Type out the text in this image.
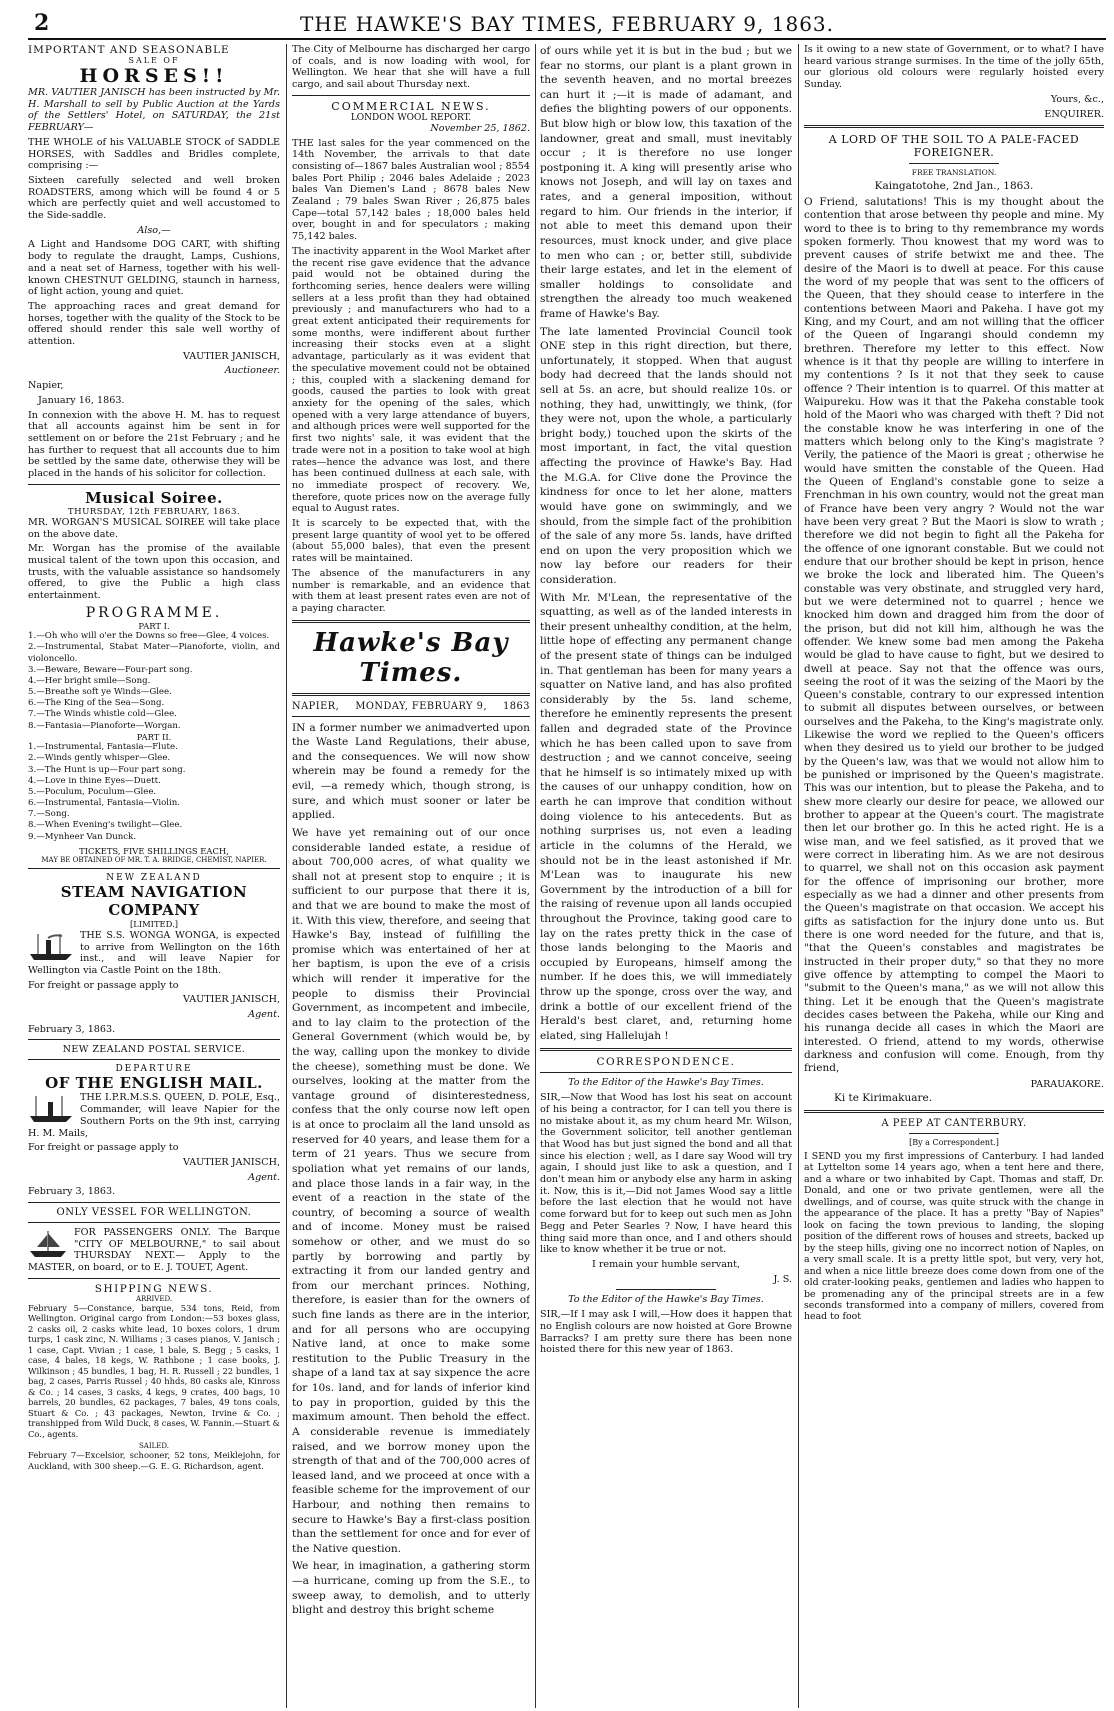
2	THE HAWKE'S BAY TIMES, FEBRUARY 9, 1863.
IMPORTANT AND SEASONABLE
SALE OF
HORSES!!

MR. VAUTIER JANISCH has been instructed by Mr. H. Marshall to sell by Public Auction at the Yards of the Settlers' Hotel, on SATURDAY, the 21st FEBRUARY—

THE WHOLE of his VALUABLE STOCK of SADDLE HORSES, with Saddles and Bridles complete, comprising :—

Sixteen carefully selected and well broken ROADSTERS, among which will be found 4 or 5 which are perfectly quiet and well accustomed to the Side-saddle.

Also,—

A Light and Handsome DOG CART, with shifting body to regulate the draught, Lamps, Cushions, and a neat set of Harness, together with his well-known CHESTNUT GELDING, staunch in harness, of light action, young and quiet.

The approaching races and great demand for horses, together with the quality of the Stock to be offered should render this sale well worthy of attention.

VAUTIER JANISCH,

Auctioneer.

Napier,

January 16, 1863.

In connexion with the above H. M. has to request that all accounts against him be sent in for settlement on or before the 21st February ; and he has further to request that all accounts due to him be settled by the same date, otherwise they will be placed in the hands of his solicitor for collection.

Musical Soiree.
THURSDAY, 12th FEBRUARY, 1863.

MR. WORGAN'S MUSICAL SOIREE will take place on the above date.

Mr. Worgan has the promise of the available musical talent of the town upon this occasion, and trusts, with the valuable assistance so handsomely offered, to give the Public a high class entertainment.

PROGRAMME.
PART I.

1.—Oh who will o'er the Downs so free—Glee, 4 voices.

2.—Instrumental, Stabat Mater—Pianoforte, violin, and violoncello.

3.—Beware, Beware—Four-part song.

4.—Her bright smile—Song.

5.—Breathe soft ye Winds—Glee.

6.—The King of the Sea—Song.

7.—The Winds whistle cold—Glee.

8.—Fantasia—Pianoforte—Worgan.

PART II.

1.—Instrumental, Fantasia—Flute.

2.—Winds gently whisper—Glee.

3.—The Hunt is up—Four part song.

4.—Love in thine Eyes—Duett.

5.—Poculum, Poculum—Glee.

6.—Instrumental, Fantasia—Violin.

7.—Song.

8.—When Evening's twilight—Glee.

9.—Mynheer Van Dunck.

TICKETS, FIVE SHILLINGS EACH,
MAY BE OBTAINED OF MR. T. A. BRIDGE, CHEMIST, NAPIER.
NEW ZEALAND
STEAM NAVIGATION COMPANY
[LIMITED.]

THE S.S. WONGA WONGA, is expected to arrive from Wellington on the 16th inst., and will leave Napier for Wellington via Castle Point on the 18th.

For freight or passage apply to

VAUTIER JANISCH,

Agent.

February 3, 1863.

NEW ZEALAND POSTAL SERVICE.
DEPARTURE
OF THE ENGLISH MAIL.

THE I.P.R.M.S.S. QUEEN, D. POLE, Esq., Commander, will leave Napier for the Southern Ports on the 9th inst, carrying H. M. Mails,

For freight or passage apply to

VAUTIER JANISCH,

Agent.

February 3, 1863.

ONLY VESSEL FOR WELLINGTON.

FOR PASSENGERS ONLY. The Barque "CITY OF MELBOURNE," to sail about THURSDAY NEXT.— Apply to the MASTER, on board, or to E. J. TOUET, Agent.

SHIPPING NEWS.
ARRIVED.

February 5—Constance, barque, 534 tons, Reid, from Wellington. Original cargo from London:—53 boxes glass, 2 casks oil, 2 casks white lead, 10 boxes colors, 1 drum turps, 1 cask zinc, N. Williams ; 3 cases pianos, V. Janisch ; 1 case, Capt. Vivian ; 1 case, 1 bale, S. Begg ; 5 casks, 1 case, 4 bales, 18 kegs, W. Rathbone ; 1 case books, J. Wilkinson ; 45 bundles, 1 bag, H. R. Russell ; 22 bundles, 1 bag, 2 cases, Parris Russel ; 40 hhds, 80 casks ale, Kinross & Co. ; 14 cases, 3 casks, 4 kegs, 9 crates, 400 bags, 10 barrels, 20 bundles, 62 packages, 7 bales, 49 tons coals, Stuart & Co. ; 43 packages, Newton, Irvine & Co. ; transhipped from Wild Duck, 8 cases, W. Fannin.—Stuart & Co., agents.

SAILED.

February 7—Excelsior, schooner, 52 tons, Meiklejohn, for Auckland, with 300 sheep.—G. E. G. Richardson, agent.

The City of Melbourne has discharged her cargo of coals, and is now loading with wool, for Wellington. We hear that she will have a full cargo, and sail about Thursday next.

COMMERCIAL NEWS.
LONDON WOOL REPORT.

November 25, 1862.

THE last sales for the year commenced on the 14th November, the arrivals to that date consisting of—1867 bales Australian wool ; 8554 bales Port Philip ; 2046 bales Adelaide ; 2023 bales Van Diemen's Land ; 8678 bales New Zealand ; 79 bales Swan River ; 26,875 bales Cape—total 57,142 bales ; 18,000 bales held over, bought in and for speculators ; making 75,142 bales.

The inactivity apparent in the Wool Market after the recent rise gave evidence that the advance paid would not be obtained during the forthcoming series, hence dealers were willing sellers at a less profit than they had obtained previously ; and manufacturers who had to a great extent anticipated their requirements for some months, were indifferent about further increasing their stocks even at a slight advantage, particularly as it was evident that the speculative movement could not be obtained ; this, coupled with a slackening demand for goods, caused the parties to look with great anxiety for the opening of the sales, which opened with a very large attendance of buyers, and although prices were well supported for the first two nights' sale, it was evident that the trade were not in a position to take wool at high rates—hence the advance was lost, and there has been continued dullness at each sale, with no immediate prospect of recovery. We, therefore, quote prices now on the average fully equal to August rates.

It is scarcely to be expected that, with the present large quantity of wool yet to be offered (about 55,000 bales), that even the present rates will be maintained.

The absence of the manufacturers in any number is remarkable, and an evidence that with them at least present rates even are not of a paying character.

Hawke's Bay Times.
NAPIER, MONDAY, FEBRUARY 9, 1863

IN a former number we animadverted upon the Waste Land Regulations, their abuse, and the consequences. We will now show wherein may be found a remedy for the evil, —a remedy which, though strong, is sure, and which must sooner or later be applied.

We have yet remaining out of our once considerable landed estate, a residue of about 700,000 acres, of what quality we shall not at present stop to enquire ; it is sufficient to our purpose that there it is, and that we are bound to make the most of it. With this view, therefore, and seeing that Hawke's Bay, instead of fulfilling the promise which was entertained of her at her baptism, is upon the eve of a crisis which will render it imperative for the people to dismiss their Provincial Government, as incompetent and imbecile, and to lay claim to the protection of the General Government (which would be, by the way, calling upon the monkey to divide the cheese), something must be done. We ourselves, looking at the matter from the vantage ground of disinterestedness, confess that the only course now left open is at once to proclaim all the land unsold as reserved for 40 years, and lease them for a term of 21 years. Thus we secure from spoliation what yet remains of our lands, and place those lands in a fair way, in the event of a reaction in the state of the country, of becoming a source of wealth and of income. Money must be raised somehow or other, and we must do so partly by borrowing and partly by extracting it from our landed gentry and from our merchant princes. Nothing, therefore, is easier than for the owners of such fine lands as there are in the interior, and for all persons who are occupying Native land, at once to make some restitution to the Public Treasury in the shape of a land tax at say sixpence the acre for 10s. land, and for lands of inferior kind to pay in proportion, guided by this the maximum amount. Then behold the effect. A considerable revenue is immediately raised, and we borrow money upon the strength of that and of the 700,000 acres of leased land, and we proceed at once with a feasible scheme for the improvement of our Harbour, and nothing then remains to secure to Hawke's Bay a first-class position than the settlement for once and for ever of the Native question.

We hear, in imagination, a gathering storm—a hurricane, coming up from the S.E., to sweep away, to demolish, and to utterly blight and destroy this bright scheme

of ours while yet it is but in the bud ; but we fear no storms, our plant is a plant grown in the seventh heaven, and no mortal breezes can hurt it ;—it is made of adamant, and defies the blighting powers of our opponents. But blow high or blow low, this taxation of the landowner, great and small, must inevitably occur ; it is therefore no use longer postponing it. A king will presently arise who knows not Joseph, and will lay on taxes and rates, and a general imposition, without regard to him. Our friends in the interior, if not able to meet this demand upon their resources, must knock under, and give place to men who can ; or, better still, subdivide their large estates, and let in the element of smaller holdings to consolidate and strengthen the already too much weakened frame of Hawke's Bay.

The late lamented Provincial Council took ONE step in this right direction, but there, unfortunately, it stopped. When that august body had decreed that the lands should not sell at 5s. an acre, but should realize 10s. or nothing, they had, unwittingly, we think, (for they were not, upon the whole, a particularly bright body,) touched upon the skirts of the most important, in fact, the vital question affecting the province of Hawke's Bay. Had the M.G.A. for Clive done the Province the kindness for once to let her alone, matters would have gone on swimmingly, and we should, from the simple fact of the prohibition of the sale of any more 5s. lands, have drifted end on upon the very proposition which we now lay before our readers for their consideration.

With Mr. M'Lean, the representative of the squatting, as well as of the landed interests in their present unhealthy condition, at the helm, little hope of effecting any permanent change of the present state of things can be indulged in. That gentleman has been for many years a squatter on Native land, and has also profited considerably by the 5s. land scheme, therefore he eminently represents the present fallen and degraded state of the Province which he has been called upon to save from destruction ; and we cannot conceive, seeing that he himself is so intimately mixed up with the causes of our unhappy condition, how on earth he can improve that condition without doing violence to his antecedents. But as nothing surprises us, not even a leading article in the columns of the Herald, we should not be in the least astonished if Mr. M'Lean was to inaugurate his new Government by the introduction of a bill for the raising of revenue upon all lands occupied throughout the Province, taking good care to lay on the rates pretty thick in the case of those lands belonging to the Maoris and occupied by Europeans, himself among the number. If he does this, we will immediately throw up the sponge, cross over the way, and drink a bottle of our excellent friend of the Herald's best claret, and, returning home elated, sing Hallelujah !

CORRESPONDENCE.

To the Editor of the Hawke's Bay Times.

SIR,—Now that Wood has lost his seat on account of his being a contractor, for I can tell you there is no mistake about it, as my chum heard Mr. Wilson, the Government solicitor, tell another gentleman that Wood has but just signed the bond and all that since his election ; well, as I dare say Wood will try again, I should just like to ask a question, and I don't mean him or anybody else any harm in asking it. Now, this is it,—Did not James Wood say a little before the last election that he would not have come forward but for to keep out such men as John Begg and Peter Searles ? Now, I have heard this thing said more than once, and I and others should like to know whether it be true or not.

I remain your humble servant,

J. S.

To the Editor of the Hawke's Bay Times.

SIR,—If I may ask I will,—How does it happen that no English colours are now hoisted at Gore Browne Barracks? I am pretty sure there has been none hoisted there for this new year of 1863.

Is it owing to a new state of Government, or to what? I have heard various strange surmises. In the time of the jolly 65th, our glorious old colours were regularly hoisted every Sunday.

Yours, &c.,

ENQUIRER.

A LORD OF THE SOIL TO A PALE-FACED FOREIGNER.
FREE TRANSLATION.

Kaingatotohe, 2nd Jan., 1863.

O Friend, salutations! This is my thought about the contention that arose between thy people and mine. My word to thee is to bring to thy remembrance my words spoken formerly. Thou knowest that my word was to prevent causes of strife betwixt me and thee. The desire of the Maori is to dwell at peace. For this cause the word of my people that was sent to the officers of the Queen, that they should cease to interfere in the contentions between Maori and Pakeha. I have got my King, and my Court, and am not willing that the officer of the Queen of Ingarangi should condemn my brethren. Therefore my letter to this effect. Now whence is it that thy people are willing to interfere in my contentions ? Is it not that they seek to cause offence ? Their intention is to quarrel. Of this matter at Waipureku. How was it that the Pakeha constable took hold of the Maori who was charged with theft ? Did not the constable know he was interfering in one of the matters which belong only to the King's magistrate ? Verily, the patience of the Maori is great ; otherwise he would have smitten the constable of the Queen. Had the Queen of England's constable gone to seize a Frenchman in his own country, would not the great man of France have been very angry ? Would not the war have been very great ? But the Maori is slow to wrath ; therefore we did not begin to fight all the Pakeha for the offence of one ignorant constable. But we could not endure that our brother should be kept in prison, hence we broke the lock and liberated him. The Queen's constable was very obstinate, and struggled very hard, but we were determined not to quarrel ; hence we knocked him down and dragged him from the door of the prison, but did not kill him, although he was the offender. We knew some bad men among the Pakeha would be glad to have cause to fight, but we desired to dwell at peace. Say not that the offence was ours, seeing the root of it was the seizing of the Maori by the Queen's constable, contrary to our expressed intention to submit all disputes between ourselves, or between ourselves and the Pakeha, to the King's magistrate only. Likewise the word we replied to the Queen's officers when they desired us to yield our brother to be judged by the Queen's law, was that we would not allow him to be punished or imprisoned by the Queen's magistrate. This was our intention, but to please the Pakeha, and to shew more clearly our desire for peace, we allowed our brother to appear at the Queen's court. The magistrate then let our brother go. In this he acted right. He is a wise man, and we feel satisfied, as it proved that we were correct in liberating him. As we are not desirous to quarrel, we shall not on this occasion ask payment for the offence of imprisoning our brother, more especially as we had a dinner and other presents from the Queen's magistrate on that occasion. We accept his gifts as satisfaction for the injury done unto us. But there is one word needed for the future, and that is, "that the Queen's constables and magistrates be instructed in their proper duty," so that they no more give offence by attempting to compel the Maori to "submit to the Queen's mana," as we will not allow this thing. Let it be enough that the Queen's magistrate decides cases between the Pakeha, while our King and his runanga decide all cases in which the Maori are interested. O friend, attend to my words, otherwise darkness and confusion will come. Enough, from thy friend,

PARAUAKORE.

Ki te Kirimakuare.

A PEEP AT CANTERBURY.

[By a Correspondent.]

I SEND you my first impressions of Canterbury. I had landed at Lyttelton some 14 years ago, when a tent here and there, and a whare or two inhabited by Capt. Thomas and staff, Dr. Donald, and one or two private gentlemen, were all the dwellings, and of course, was quite struck with the change in the appearance of the place. It has a pretty "Bay of Napies" look on facing the town previous to landing, the sloping position of the different rows of houses and streets, backed up by the steep hills, giving one no incorrect notion of Naples, on a very small scale. It is a pretty little spot, but very, very hot, and when a nice little breeze does come down from one of the old crater-looking peaks, gentlemen and ladies who happen to be promenading any of the principal streets are in a few seconds transformed into a company of millers, covered from head to foot
